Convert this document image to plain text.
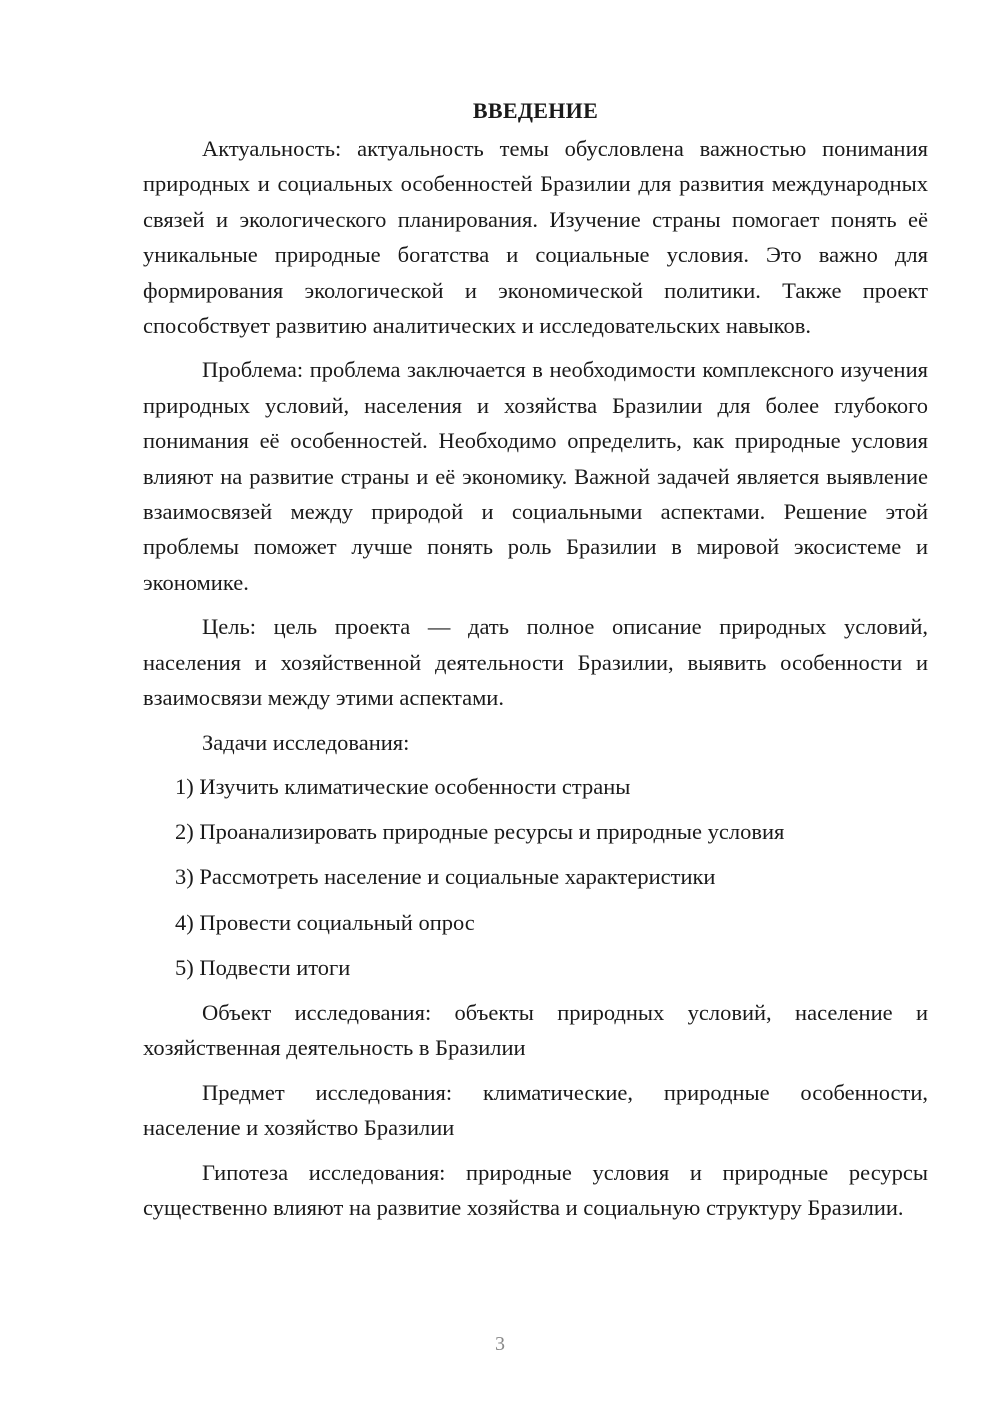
ВВЕДЕНИЕ

Актуальность: актуальность темы обусловлена важностью понимания природных и социальных особенностей Бразилии для развития международных связей и экологического планирования. Изучение страны помогает понять её уникальные природные богатства и социальные условия. Это важно для формирования экологической и экономической политики. Также проект способствует развитию аналитических и исследовательских навыков.

Проблема: проблема заключается в необходимости комплексного изучения природных условий, населения и хозяйства Бразилии для более глубокого понимания её особенностей. Необходимо определить, как природные условия влияют на развитие страны и её экономику. Важной задачей является выявление взаимосвязей между природой и социальными аспектами. Решение этой проблемы поможет лучше понять роль Бразилии в мировой экосистеме и экономике.

Цель: цель проекта — дать полное описание природных условий, населения и хозяйственной деятельности Бразилии, выявить особенности и взаимосвязи между этими аспектами.

Задачи исследования:

1) Изучить климатические особенности страны
2) Проанализировать природные ресурсы и природные условия
3) Рассмотреть население и социальные характеристики
4) Провести социальный опрос
5) Подвести итоги

Объект исследования: объекты природных условий, население и хозяйственная деятельность в Бразилии

Предмет исследования: климатические, природные особенности, население и хозяйство Бразилии

Гипотеза исследования: природные условия и природные ресурсы существенно влияют на развитие хозяйства и социальную структуру Бразилии.

3
